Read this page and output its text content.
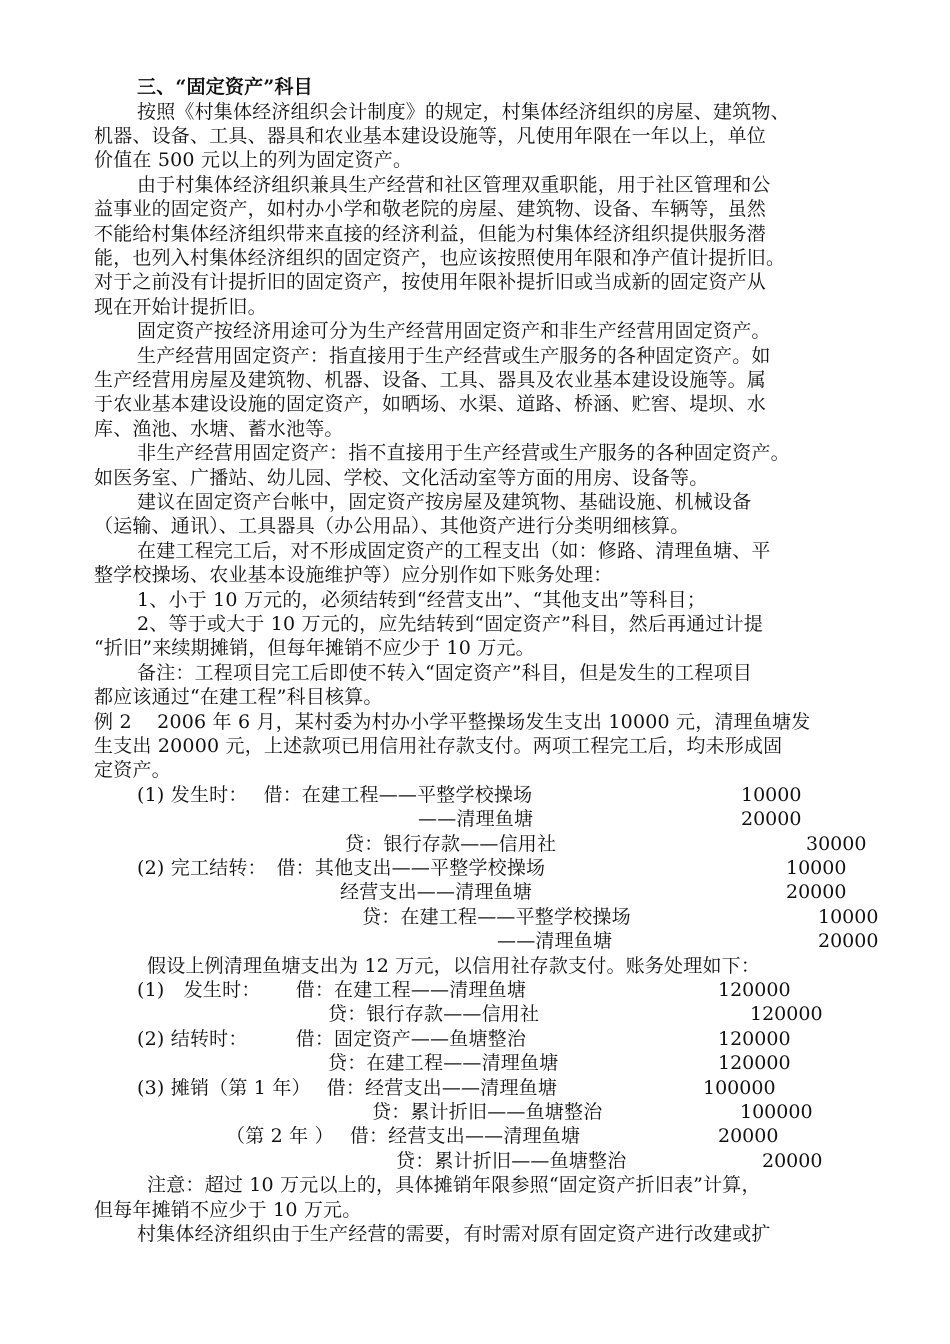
三、“固定资产”科目
按照《村集体经济组织会计制度》的规定，村集体经济组织的房屋、建筑物、
机器、设备、工具、器具和农业基本建设设施等，凡使用年限在一年以上，单位
价值在 500 元以上的列为固定资产。
由于村集体经济组织兼具生产经营和社区管理双重职能，用于社区管理和公
益事业的固定资产，如村办小学和敬老院的房屋、建筑物、设备、车辆等，虽然
不能给村集体经济组织带来直接的经济利益，但能为村集体经济组织提供服务潜
能，也列入村集体经济组织的固定资产，也应该按照使用年限和净产值计提折旧。
对于之前没有计提折旧的固定资产，按使用年限补提折旧或当成新的固定资产从
现在开始计提折旧。
固定资产按经济用途可分为生产经营用固定资产和非生产经营用固定资产。
生产经营用固定资产：指直接用于生产经营或生产服务的各种固定资产。如
生产经营用房屋及建筑物、机器、设备、工具、器具及农业基本建设设施等。属
于农业基本建设设施的固定资产，如晒场、水渠、道路、桥涵、贮窖、堤坝、水
库、渔池、水塘、蓄水池等。
非生产经营用固定资产：指不直接用于生产经营或生产服务的各种固定资产。
如医务室、广播站、幼儿园、学校、文化活动室等方面的用房、设备等。
建议在固定资产台帐中，固定资产按房屋及建筑物、基础设施、机械设备
（运输、通讯）、工具器具（办公用品）、其他资产进行分类明细核算。
在建工程完工后，对不形成固定资产的工程支出（如：修路、清理鱼塘、平
整学校操场、农业基本设施维护等）应分别作如下账务处理：
1、小于 10 万元的，必须结转到“经营支出”、“其他支出”等科目；
2、等于或大于 10 万元的，应先结转到“固定资产”科目，然后再通过计提
“折旧”来续期摊销，但每年摊销不应少于 10 万元。
备注：工程项目完工后即使不转入“固定资产”科目，但是发生的工程项目
都应该通过“在建工程”科目核算。
例 2　 2006 年 6 月，某村委为村办小学平整操场发生支出 10000 元，清理鱼塘发
生支出 20000 元，上述款项已用信用社存款支付。两项工程完工后，均未形成固
定资产。
(1) 发生时：　 借：在建工程——平整学校操场	10000
——清理鱼塘	20000
贷：银行存款——信用社	30000
(2) 完工结转：　借：其他支出——平整学校操场	10000
经营支出——清理鱼塘	20000
贷：在建工程——平整学校操场	10000
——清理鱼塘	20000
假设上例清理鱼塘支出为 12 万元，以信用社存款支付。账务处理如下：
(1)　发生时：　　 借：在建工程——清理鱼塘	120000
贷：银行存款——信用社	120000
(2) 结转时：　　　借：固定资产——鱼塘整治	120000
贷：在建工程——清理鱼塘	120000
(3) 摊销（第 1 年）　 借：经营支出——清理鱼塘	100000
贷：累计折旧——鱼塘整治	100000
（第 2 年 ）　 借：经营支出——清理鱼塘	20000
贷：累计折旧——鱼塘整治	20000
注意：超过 10 万元以上的，具体摊销年限参照“固定资产折旧表”计算，
但每年摊销不应少于 10 万元。
村集体经济组织由于生产经营的需要，有时需对原有固定资产进行改建或扩
